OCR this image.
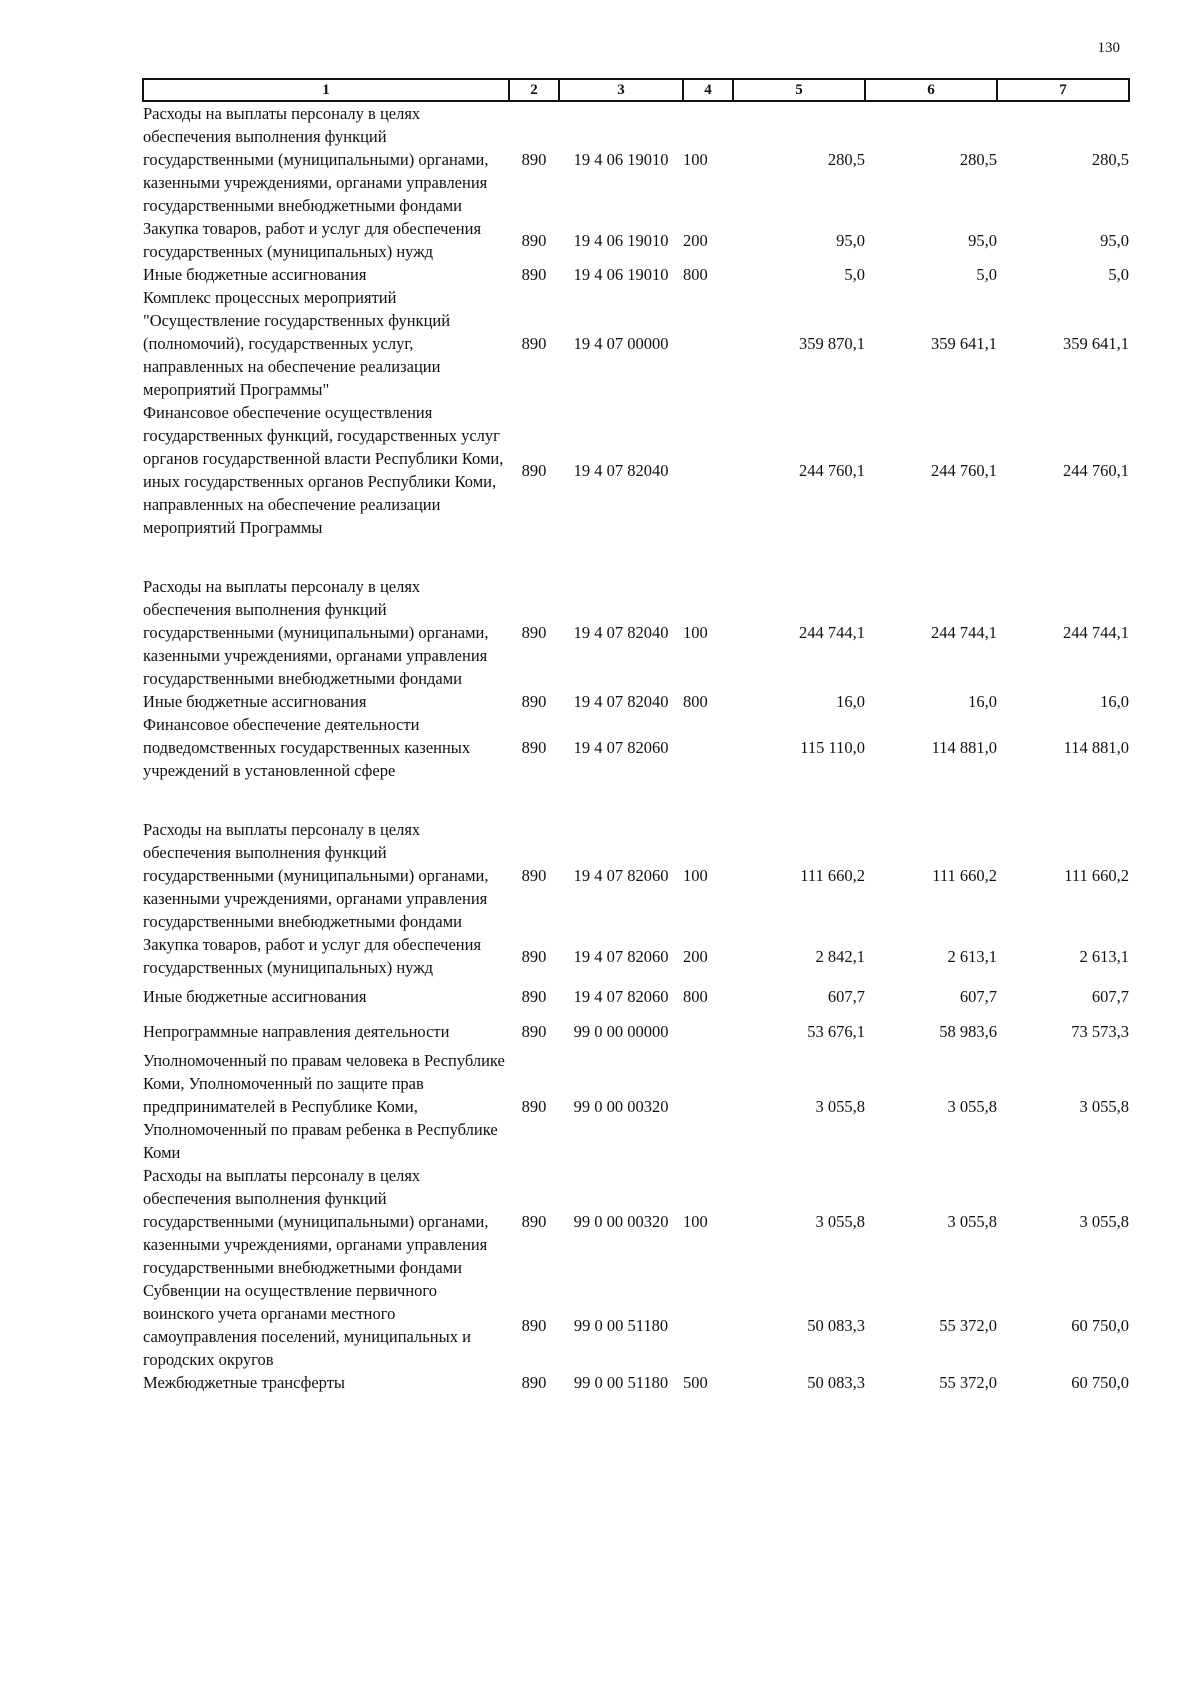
130
1	2	3	4	5	6	7
Расходы на выплаты персоналу в целях обеспечения выполнения функций государственными (муниципальными) органами, казенными учреждениями, органами управления государственными внебюджетными фондами	890	19 4 06 19010	100	280,5	280,5	280,5
Закупка товаров, работ и услуг для обеспечения государственных (муниципальных) нужд	890	19 4 06 19010	200	95,0	95,0	95,0
Иные бюджетные ассигнования	890	19 4 06 19010	800	5,0	5,0	5,0
Комплекс процессных мероприятий "Осуществление государственных функций (полномочий), государственных услуг, направленных на обеспечение реализации мероприятий Программы"	890	19 4 07 00000		359 870,1	359 641,1	359 641,1
Финансовое обеспечение осуществления государственных функций, государственных услуг органов государственной власти Республики Коми, иных государственных органов Республики Коми, направленных на обеспечение реализации мероприятий Программы	890	19 4 07 82040		244 760,1	244 760,1	244 760,1
Расходы на выплаты персоналу в целях обеспечения выполнения функций государственными (муниципальными) органами, казенными учреждениями, органами управления государственными внебюджетными фондами	890	19 4 07 82040	100	244 744,1	244 744,1	244 744,1
Иные бюджетные ассигнования	890	19 4 07 82040	800	16,0	16,0	16,0
Финансовое обеспечение деятельности подведомственных государственных казенных учреждений в установленной сфере	890	19 4 07 82060		115 110,0	114 881,0	114 881,0
Расходы на выплаты персоналу в целях обеспечения выполнения функций государственными (муниципальными) органами, казенными учреждениями, органами управления государственными внебюджетными фондами	890	19 4 07 82060	100	111 660,2	111 660,2	111 660,2
Закупка товаров, работ и услуг для обеспечения государственных (муниципальных) нужд	890	19 4 07 82060	200	2 842,1	2 613,1	2 613,1
Иные бюджетные ассигнования	890	19 4 07 82060	800	607,7	607,7	607,7
Непрограммные направления деятельности	890	99 0 00 00000		53 676,1	58 983,6	73 573,3
Уполномоченный по правам человека в Республике Коми, Уполномоченный по защите прав предпринимателей в Республике Коми, Уполномоченный по правам ребенка в Республике Коми	890	99 0 00 00320		3 055,8	3 055,8	3 055,8
Расходы на выплаты персоналу в целях обеспечения выполнения функций государственными (муниципальными) органами, казенными учреждениями, органами управления государственными внебюджетными фондами	890	99 0 00 00320	100	3 055,8	3 055,8	3 055,8
Субвенции на осуществление первичного воинского учета органами местного самоуправления поселений, муниципальных и городских округов	890	99 0 00 51180		50 083,3	55 372,0	60 750,0
Межбюджетные трансферты	890	99 0 00 51180	500	50 083,3	55 372,0	60 750,0
